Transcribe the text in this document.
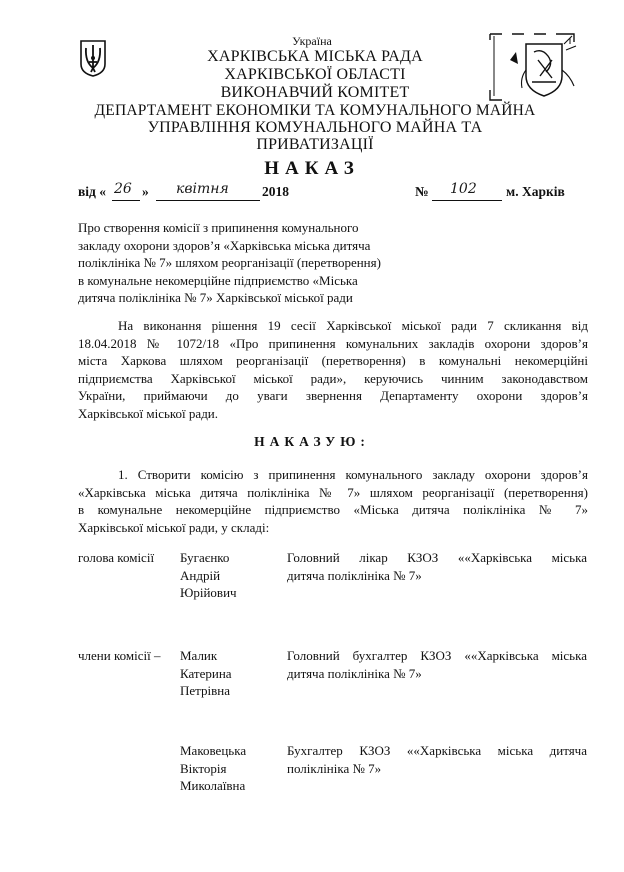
Україна
ХАРКІВСЬКА МІСЬКА РАДА
ХАРКІВСЬКОЇ ОБЛАСТІ
ВИКОНАВЧИЙ КОМІТЕТ
ДЕПАРТАМЕНТ ЕКОНОМІКИ ТА КОМУНАЛЬНОГО МАЙНА
УПРАВЛІННЯ КОМУНАЛЬНОГО МАЙНА ТА
ПРИВАТИЗАЦІЇ
НАКАЗ
від « 26 » квітня 2018	№ 102 м. Харків
Про створення комісії з припинення комунального
закладу охорони здоров’я «Харківська міська дитяча
поліклініка № 7» шляхом реорганізації (перетворення)
в комунальне некомерційне підприємство «Міська
дитяча поліклініка № 7» Харківської міської ради
На виконання рішення 19 сесії Харківської міської ради 7 скликання від
18.04.2018 № 1072/18 «Про припинення комунальних закладів охорони здоров’я
міста Харкова шляхом реорганізації (перетворення) в комунальні некомерційні
підприємства Харківської міської ради», керуючись чинним законодавством
України, приймаючи до уваги звернення Департаменту охорони здоров’я
Харківської міської ради.
НАКАЗУЮ:
1. Створити комісію з припинення комунального закладу охорони здоров’я
«Харківська міська дитяча поліклініка № 7» шляхом реорганізації (перетворення)
в комунальне некомерційне підприємство «Міська дитяча поліклініка № 7»
Харківської міської ради, у складі:
голова комісії Бугаєнко
Андрій
Юрійович
Головний лікар КЗОЗ ««Харківська міська
дитяча поліклініка № 7»
члени комісії – Малик
Катерина
Петрівна
Головний бухгалтер КЗОЗ ««Харківська міська
дитяча поліклініка № 7»
Маковецька
Вікторія
Миколаївна
Бухгалтер КЗОЗ ««Харківська міська дитяча
поліклініка № 7»
